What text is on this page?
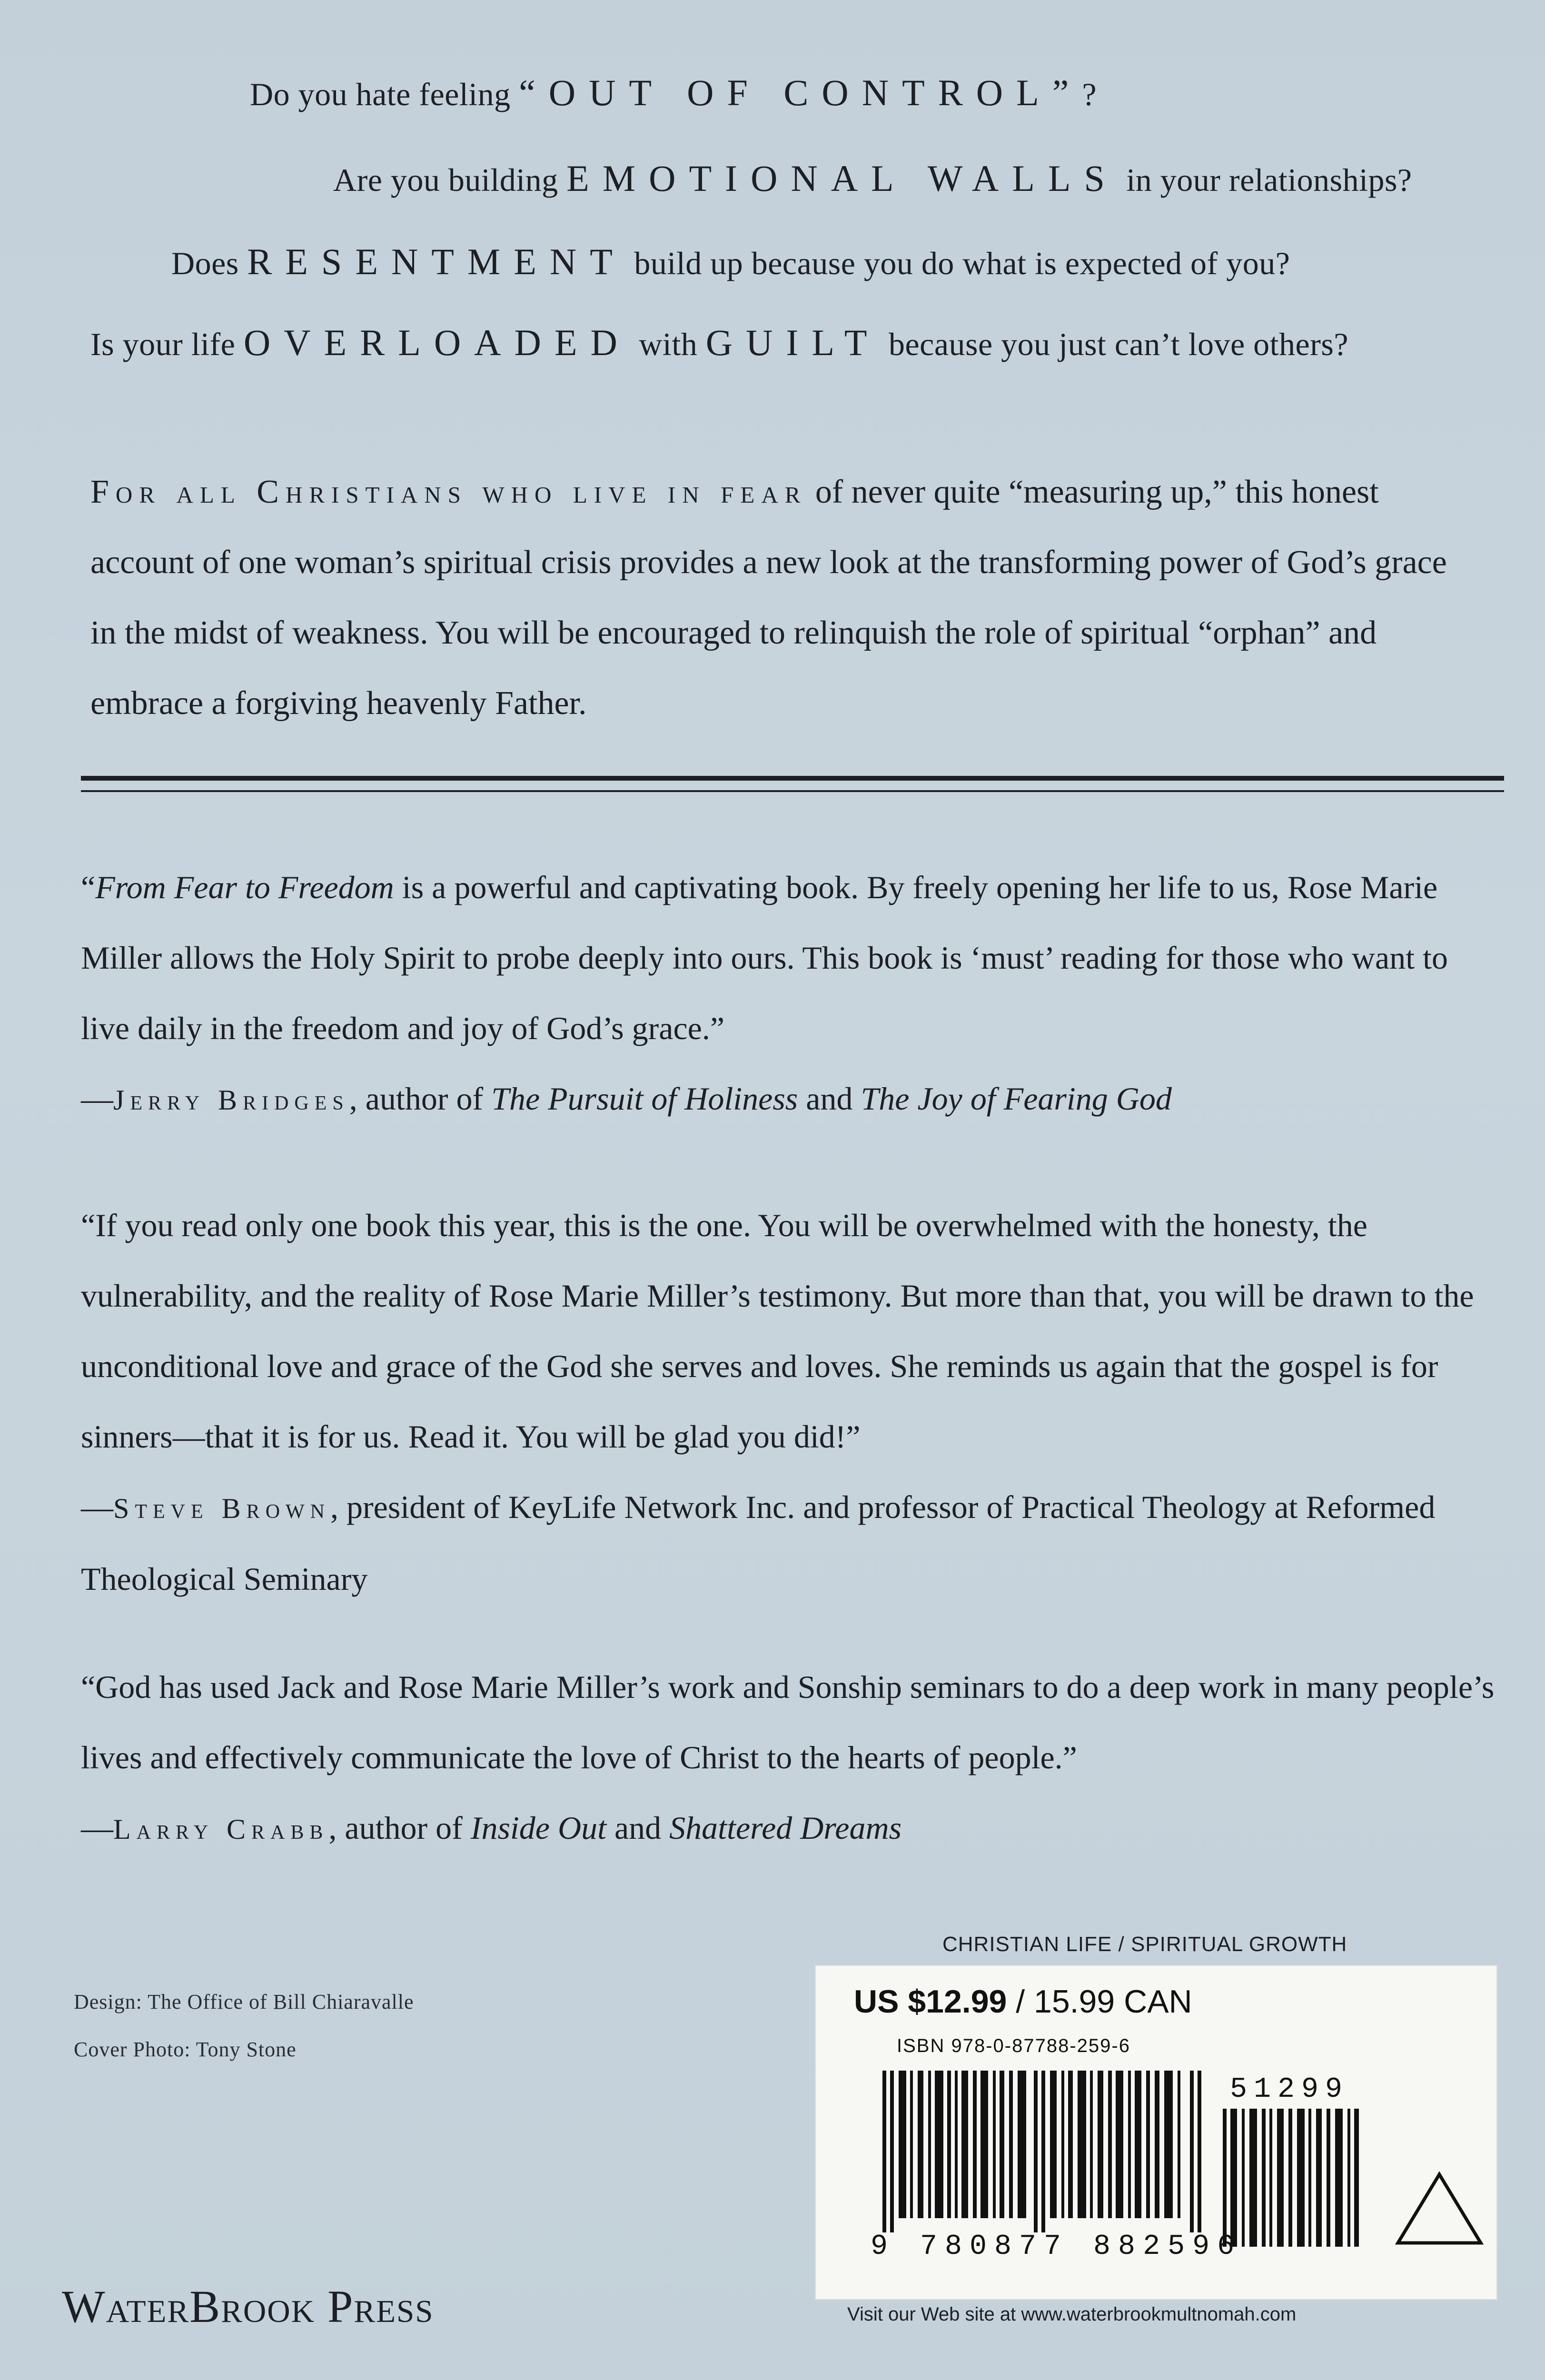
Do you hate feeling “OUT OF CONTROL”?
Are you building EMOTIONAL WALLS in your relationships?
Does RESENTMENT build up because you do what is expected of you?
Is your life OVERLOADED with GUILT because you just can’t love others?
For all Christians who live in fear of never quite “measuring up,” this honest account of one woman’s spiritual crisis provides a new look at the transforming power of God’s grace in the midst of weakness. You will be encouraged to relinquish the role of spiritual “orphan” and embrace a forgiving heavenly Father.
“From Fear to Freedom is a powerful and captivating book. By freely opening her life to us, Rose Marie Miller allows the Holy Spirit to probe deeply into ours. This book is ‘must’ reading for those who want to live daily in the freedom and joy of God’s grace.”
—Jerry Bridges, author of The Pursuit of Holiness and The Joy of Fearing God
“If you read only one book this year, this is the one. You will be overwhelmed with the honesty, the vulnerability, and the reality of Rose Marie Miller’s testimony. But more than that, you will be drawn to the unconditional love and grace of the God she serves and loves. She reminds us again that the gospel is for sinners—that it is for us. Read it. You will be glad you did!”
—Steve Brown, president of KeyLife Network Inc. and professor of Practical Theology at Reformed Theological Seminary
“God has used Jack and Rose Marie Miller’s work and Sonship seminars to do a deep work in many people’s lives and effectively communicate the love of Christ to the hearts of people.”
—Larry Crabb, author of Inside Out and Shattered Dreams
Design: The Office of Bill Chiaravalle
Cover Photo: Tony Stone
CHRISTIAN LIFE / SPIRITUAL GROWTH
US $12.99 / 15.99 CAN
ISBN 978-0-87788-259-6
51299
9 780877 882596
Visit our Web site at www.waterbrookmultnomah.com
WaterBrook Press
